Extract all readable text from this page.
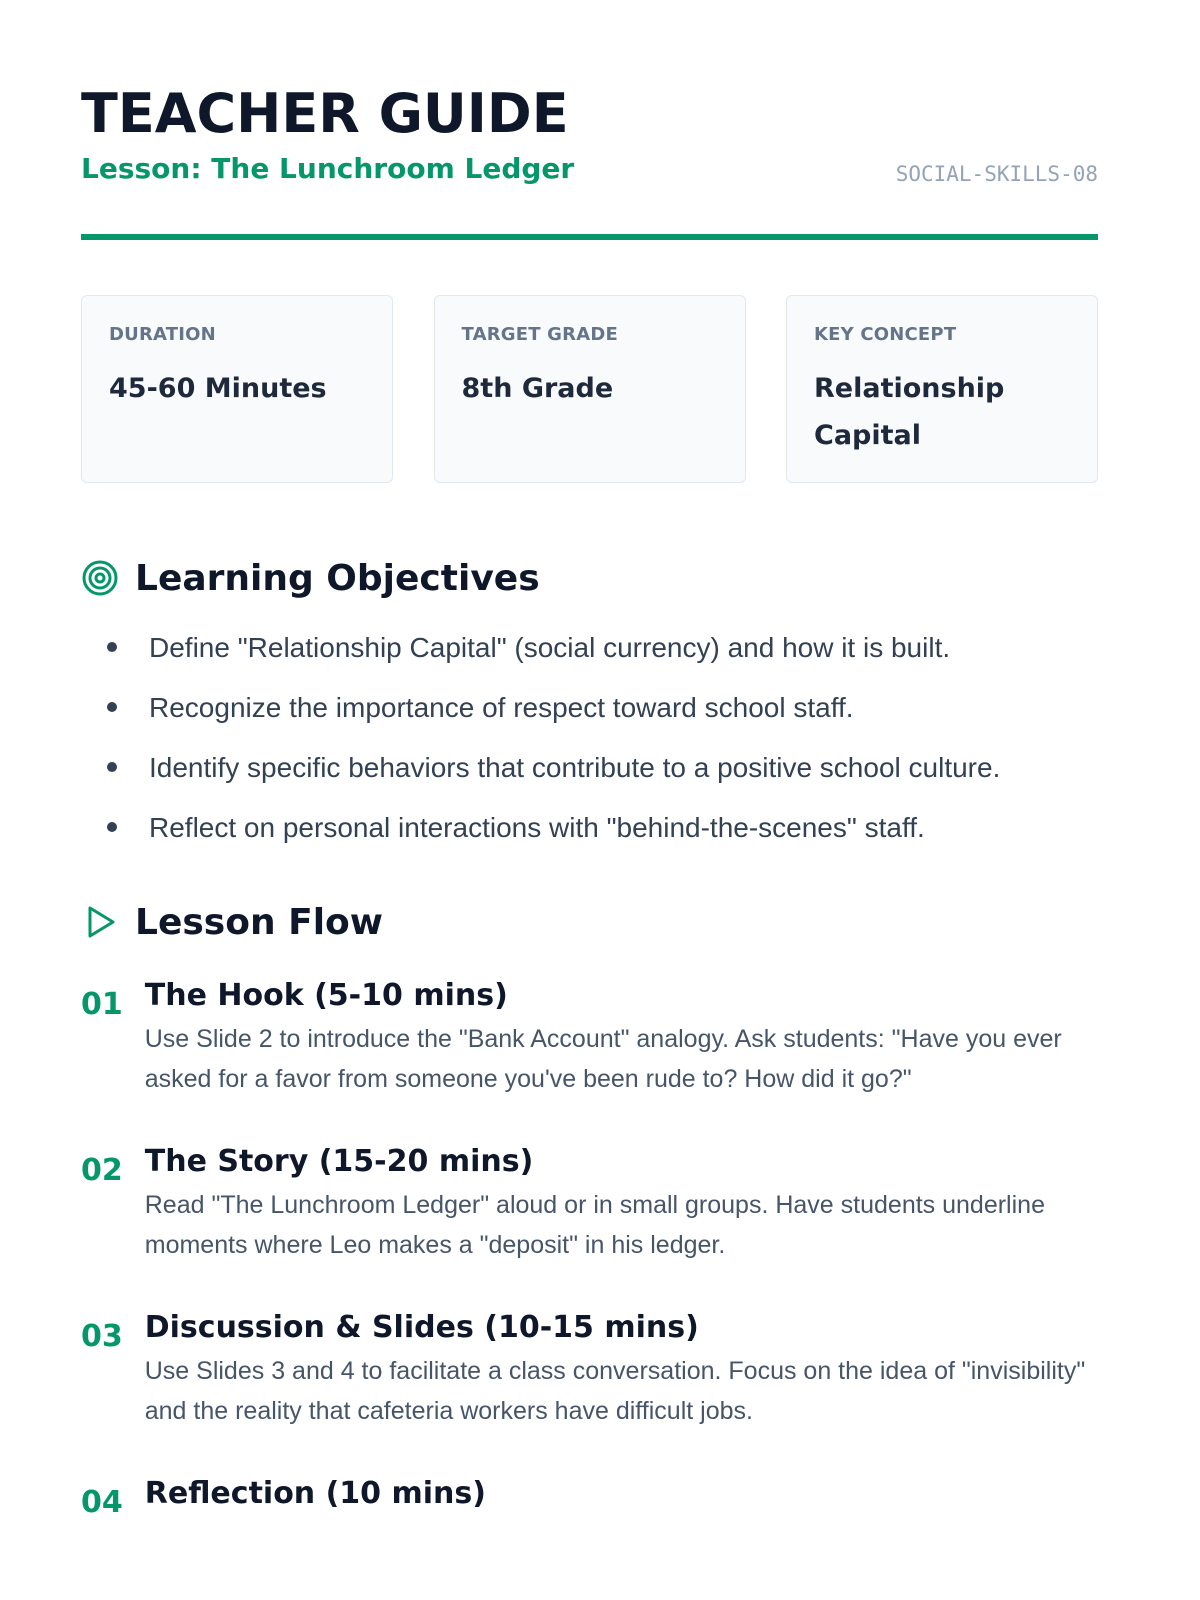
TEACHER GUIDE
Lesson: The Lunchroom Ledger	SOCIAL-SKILLS-08
DURATION
45-60 Minutes
TARGET GRADE
8th Grade
KEY CONCEPT
Relationship Capital
Learning Objectives
Define "Relationship Capital" (social currency) and how it is built.
Recognize the importance of respect toward school staff.
Identify specific behaviors that contribute to a positive school culture.
Reflect on personal interactions with "behind-the-scenes" staff.
Lesson Flow
01 The Hook (5-10 mins)
Use Slide 2 to introduce the "Bank Account" analogy. Ask students: "Have you ever asked for a favor from someone you've been rude to? How did it go?"
02 The Story (15-20 mins)
Read "The Lunchroom Ledger" aloud or in small groups. Have students underline moments where Leo makes a "deposit" in his ledger.
03 Discussion & Slides (10-15 mins)
Use Slides 3 and 4 to facilitate a class conversation. Focus on the idea of "invisibility" and the reality that cafeteria workers have difficult jobs.
04 Reflection (10 mins)
